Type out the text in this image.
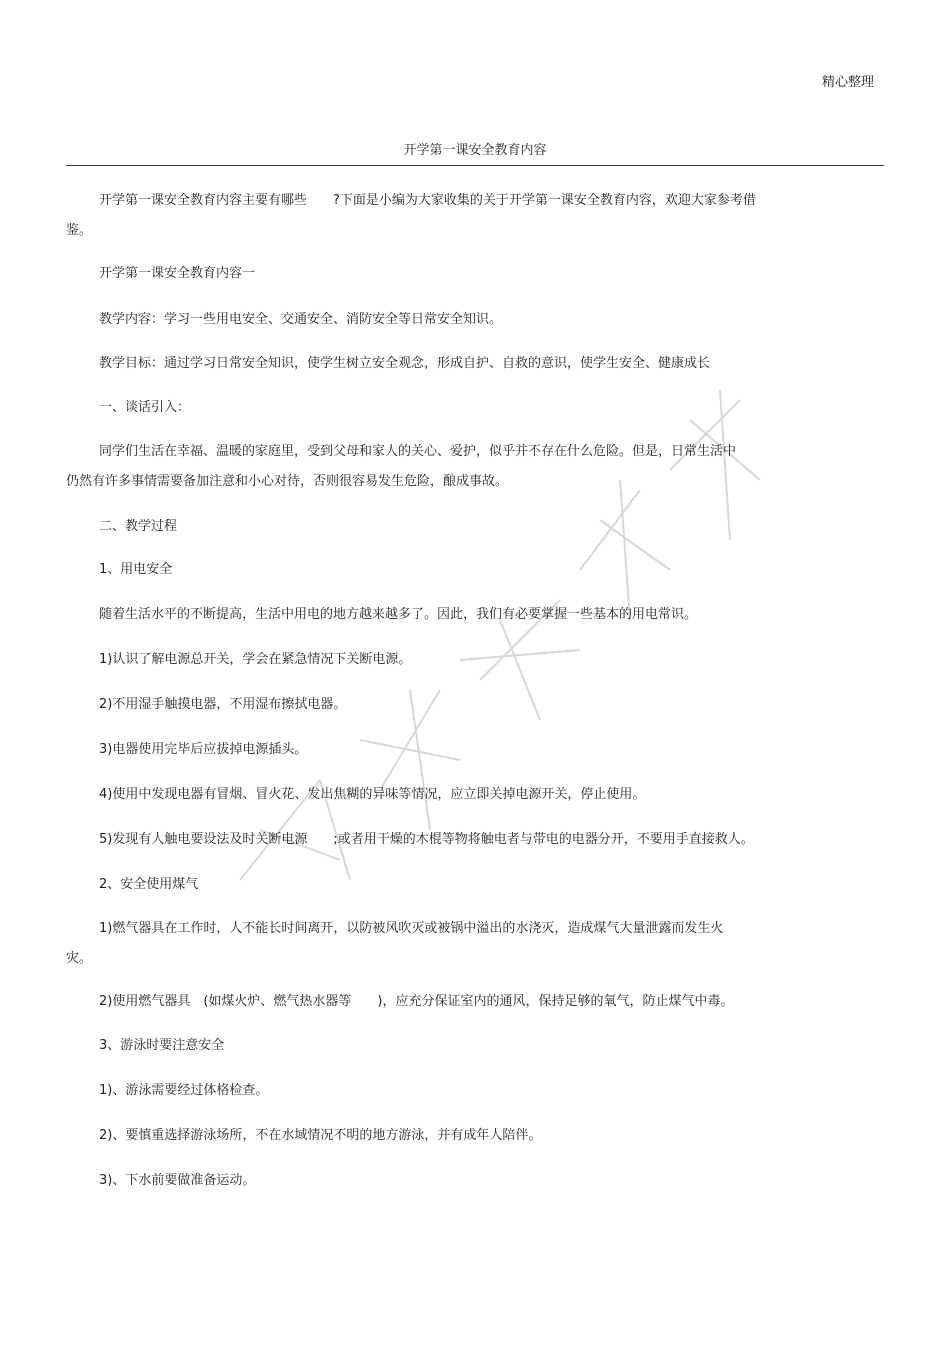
精心整理
开学第一课安全教育内容
开学第一课安全教育内容主要有哪些　　?下面是小编为大家收集的关于开学第一课安全教育内容，欢迎大家参考借
鉴。
开学第一课安全教育内容一
教学内容：学习一些用电安全、交通安全、消防安全等日常安全知识。
教学目标：通过学习日常安全知识，使学生树立安全观念，形成自护、自救的意识，使学生安全、健康成长
一、谈话引入：
同学们生活在幸福、温暖的家庭里，受到父母和家人的关心、爱护，似乎并不存在什么危险。但是，日常生活中
仍然有许多事情需要备加注意和小心对待，否则很容易发生危险，酿成事故。
二、教学过程
1、用电安全
随着生活水平的不断提高，生活中用电的地方越来越多了。因此，我们有必要掌握一些基本的用电常识。
1)认识了解电源总开关，学会在紧急情况下关断电源。
2)不用湿手触摸电器，不用湿布擦拭电器。
3)电器使用完毕后应拔掉电源插头。
4)使用中发现电器有冒烟、冒火花、发出焦糊的异味等情况，应立即关掉电源开关，停止使用。
5)发现有人触电要设法及时关断电源　　;或者用干燥的木棍等物将触电者与带电的电器分开，不要用手直接救人。
2、安全使用煤气
1)燃气器具在工作时，人不能长时间离开，以防被风吹灭或被锅中溢出的水浇灭，造成煤气大量泄露而发生火
灾。
2)使用燃气器具　(如煤火炉、燃气热水器等　　)，应充分保证室内的通风，保持足够的氧气，防止煤气中毒。
3、游泳时要注意安全
1)、游泳需要经过体格检查。
2)、要慎重选择游泳场所，不在水域情况不明的地方游泳，并有成年人陪伴。
3)、下水前要做准备运动。
